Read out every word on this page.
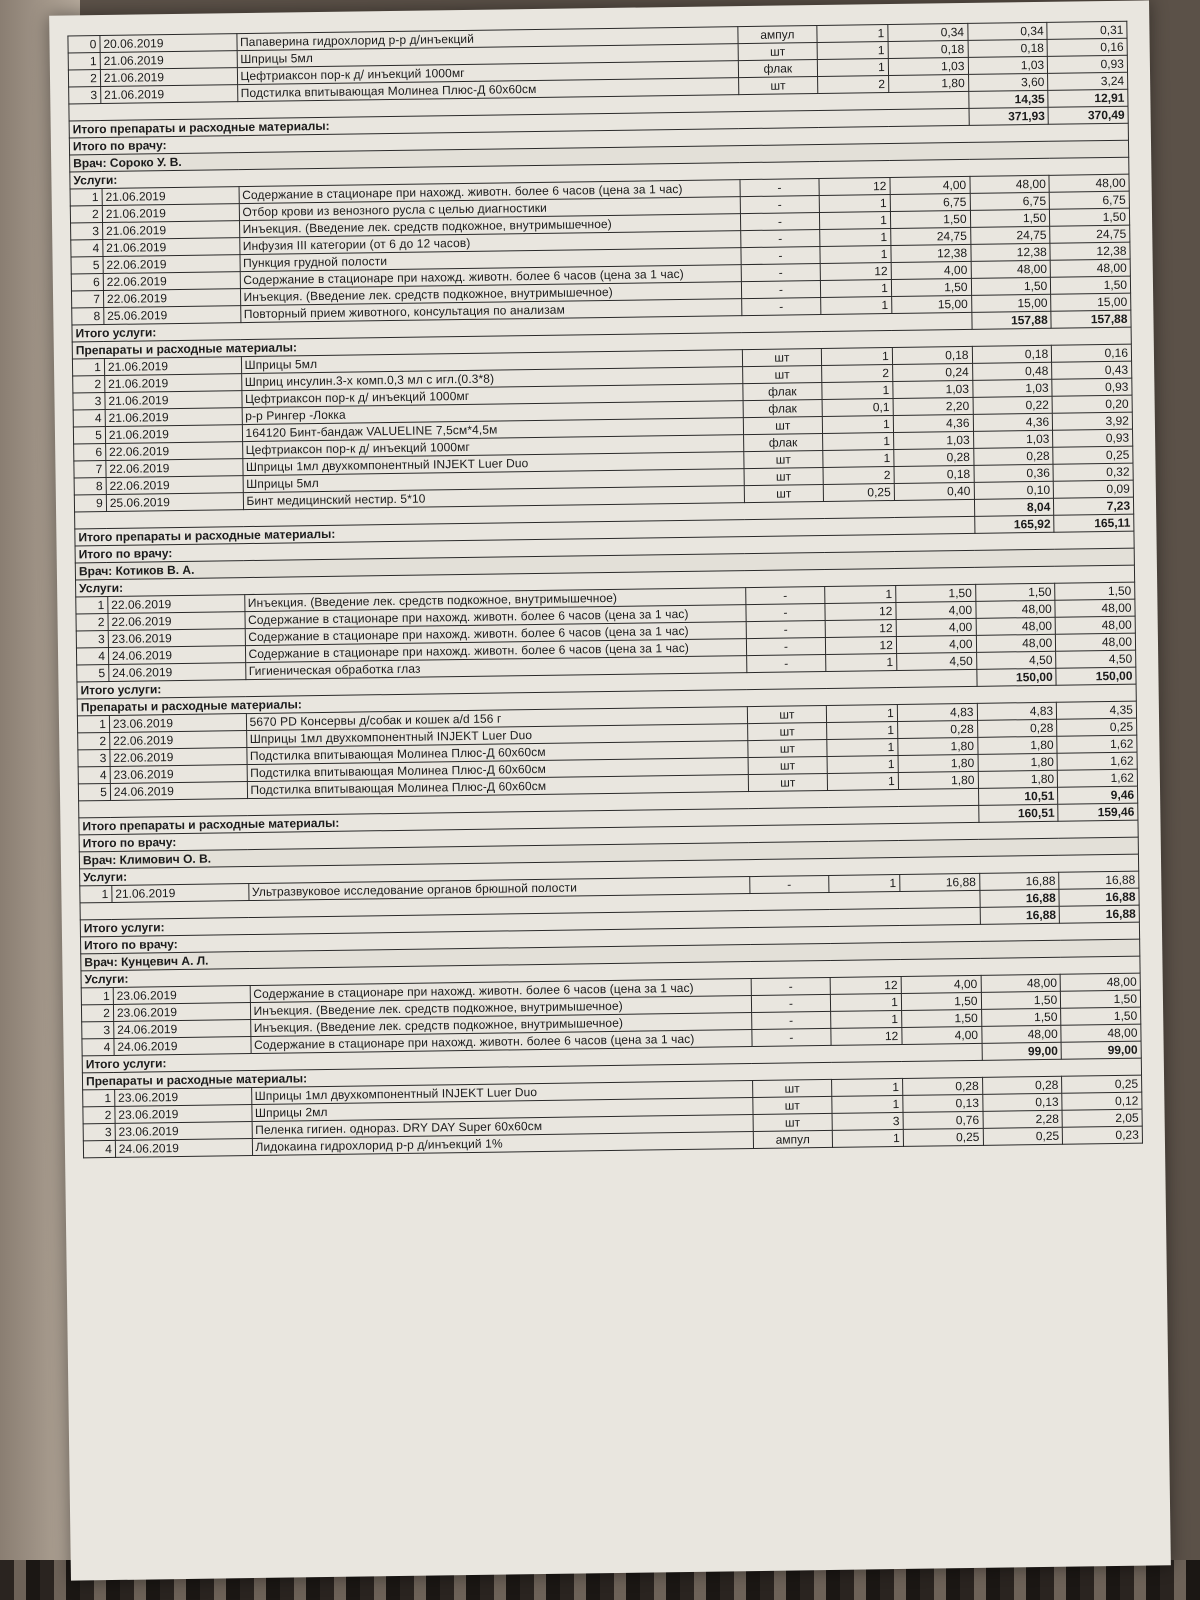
0	20.06.2019	Папаверина гидрохлорид р-р д/инъекций	ампул	1	0,34	0,34	0,31
1	21.06.2019	Шприцы 5мл	шт	1	0,18	0,18	0,16
2	21.06.2019	Цефтриаксон пор-к д/ инъекций 1000мг	флак	1	1,03	1,03	0,93
3	21.06.2019	Подстилка впитывающая Молинеа Плюс-Д 60х60см	шт	2	1,80	3,60	3,24
						14,35	12,91
Итого препараты и расходные материалы:						371,93	370,49
Итого по врачу:							
Врач: Сороко У. В.							
Услуги:							
1	21.06.2019	Содержание в стационаре при нахожд. животн. более 6 часов (цена за 1 час)	-	12	4,00	48,00	48,00
2	21.06.2019	Отбор крови из венозного русла с целью диагностики	-	1	6,75	6,75	6,75
3	21.06.2019	Инъекция. (Введение лек. средств подкожное, внутримышечное)	-	1	1,50	1,50	1,50
4	21.06.2019	Инфузия III категории (от 6 до 12 часов)	-	1	24,75	24,75	24,75
5	22.06.2019	Пункция грудной полости	-	1	12,38	12,38	12,38
6	22.06.2019	Содержание в стационаре при нахожд. животн. более 6 часов (цена за 1 час)	-	12	4,00	48,00	48,00
7	22.06.2019	Инъекция. (Введение лек. средств подкожное, внутримышечное)	-	1	1,50	1,50	1,50
8	25.06.2019	Повторный прием животного, консультация по анализам	-	1	15,00	15,00	15,00
Итого услуги:						157,88	157,88
Препараты и расходные материалы:							
1	21.06.2019	Шприцы 5мл	шт	1	0,18	0,18	0,16
2	21.06.2019	Шприц инсулин.3-х комп.0,3 мл с игл.(0.3*8)	шт	2	0,24	0,48	0,43
3	21.06.2019	Цефтриаксон пор-к д/ инъекций 1000мг	флак	1	1,03	1,03	0,93
4	21.06.2019	р-р Рингер -Локка	флак	0,1	2,20	0,22	0,20
5	21.06.2019	164120 Бинт-бандаж VALUELINE 7,5см*4,5м	шт	1	4,36	4,36	3,92
6	22.06.2019	Цефтриаксон пор-к д/ инъекций 1000мг	флак	1	1,03	1,03	0,93
7	22.06.2019	Шприцы 1мл двухкомпонентный INJEKT Luer Duo	шт	1	0,28	0,28	0,25
8	22.06.2019	Шприцы 5мл	шт	2	0,18	0,36	0,32
9	25.06.2019	Бинт медицинский нестир. 5*10	шт	0,25	0,40	0,10	0,09
						8,04	7,23
Итого препараты и расходные материалы:						165,92	165,11
Итого по врачу:							
Врач: Котиков В. А.							
Услуги:							
1	22.06.2019	Инъекция. (Введение лек. средств подкожное, внутримышечное)	-	1	1,50	1,50	1,50
2	22.06.2019	Содержание в стационаре при нахожд. животн. более 6 часов (цена за 1 час)	-	12	4,00	48,00	48,00
3	23.06.2019	Содержание в стационаре при нахожд. животн. более 6 часов (цена за 1 час)	-	12	4,00	48,00	48,00
4	24.06.2019	Содержание в стационаре при нахожд. животн. более 6 часов (цена за 1 час)	-	12	4,00	48,00	48,00
5	24.06.2019	Гигиеническая обработка глаз	-	1	4,50	4,50	4,50
Итого услуги:						150,00	150,00
Препараты и расходные материалы:							
1	23.06.2019	5670 PD Консервы д/собак и кошек a/d 156 г	шт	1	4,83	4,83	4,35
2	22.06.2019	Шприцы 1мл двухкомпонентный INJEKT Luer Duo	шт	1	0,28	0,28	0,25
3	22.06.2019	Подстилка впитывающая Молинеа Плюс-Д 60х60см	шт	1	1,80	1,80	1,62
4	23.06.2019	Подстилка впитывающая Молинеа Плюс-Д 60х60см	шт	1	1,80	1,80	1,62
5	24.06.2019	Подстилка впитывающая Молинеа Плюс-Д 60х60см	шт	1	1,80	1,80	1,62
						10,51	9,46
Итого препараты и расходные материалы:						160,51	159,46
Итого по врачу:							
Врач: Климович О. В.							
Услуги:							
1	21.06.2019	Ультразвуковое исследование органов брюшной полости	-	1	16,88	16,88	16,88
						16,88	16,88
Итого услуги:						16,88	16,88
Итого по врачу:							
Врач: Кунцевич А. Л.							
Услуги:							
1	23.06.2019	Содержание в стационаре при нахожд. животн. более 6 часов (цена за 1 час)	-	12	4,00	48,00	48,00
2	23.06.2019	Инъекция. (Введение лек. средств подкожное, внутримышечное)	-	1	1,50	1,50	1,50
3	24.06.2019	Инъекция. (Введение лек. средств подкожное, внутримышечное)	-	1	1,50	1,50	1,50
4	24.06.2019	Содержание в стационаре при нахожд. животн. более 6 часов (цена за 1 час)	-	12	4,00	48,00	48,00
Итого услуги:						99,00	99,00
Препараты и расходные материалы:							
1	23.06.2019	Шприцы 1мл двухкомпонентный INJEKT Luer Duo	шт	1	0,28	0,28	0,25
2	23.06.2019	Шприцы 2мл	шт	1	0,13	0,13	0,12
3	23.06.2019	Пеленка гигиен. однораз. DRY DAY Super 60х60см	шт	3	0,76	2,28	2,05
4	24.06.2019	Лидокаина гидрохлорид р-р д/инъекций 1%	ампул	1	0,25	0,25	0,23
